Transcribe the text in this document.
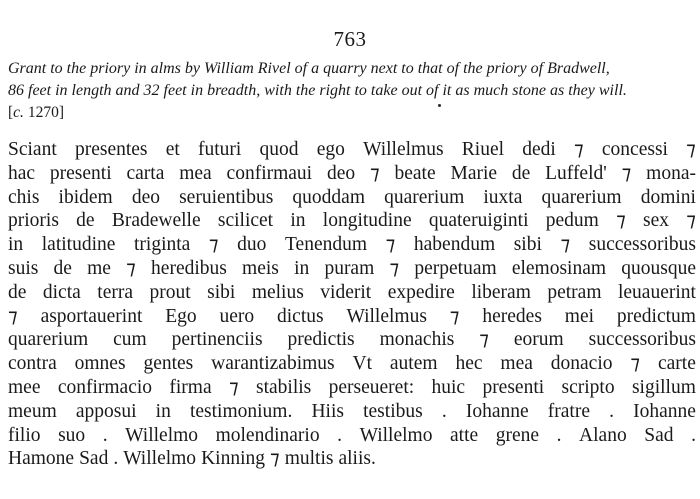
763
Grant to the priory in alms by William Rivel of a quarry next to that of the priory of Bradwell,
86 feet in length and 32 feet in breadth, with the right to take out of it as much stone as they will.
[c. 1270]
Sciant presentes et futuri quod ego Willelmus Riuel dedi ⁊ concessi ⁊
hac presenti carta mea confirmaui deo ⁊ beate Marie de Luffeld' ⁊ mona-
chis ibidem deo seruientibus quoddam quarerium iuxta quarerium domini
prioris de Bradewelle scilicet in longitudine quateruiginti pedum ⁊ sex ⁊
in latitudine triginta ⁊ duo Tenendum ⁊ habendum sibi ⁊ successoribus
suis de me ⁊ heredibus meis in puram ⁊ perpetuam elemosinam quousque
de dicta terra prout sibi melius viderit expedire liberam petram leuauerint
⁊ asportauerint Ego uero dictus Willelmus ⁊ heredes mei predictum
quarerium cum pertinenciis predictis monachis ⁊ eorum successoribus
contra omnes gentes warantizabimus Vt autem hec mea donacio ⁊ carte
mee confirmacio firma ⁊ stabilis perseueret: huic presenti scripto sigillum
meum apposui in testimonium. Hiis testibus . Iohanne fratre . Iohanne
filio suo . Willelmo molendinario . Willelmo atte grene . Alano Sad .
Hamone Sad . Willelmo Kinning ⁊ multis aliis.
